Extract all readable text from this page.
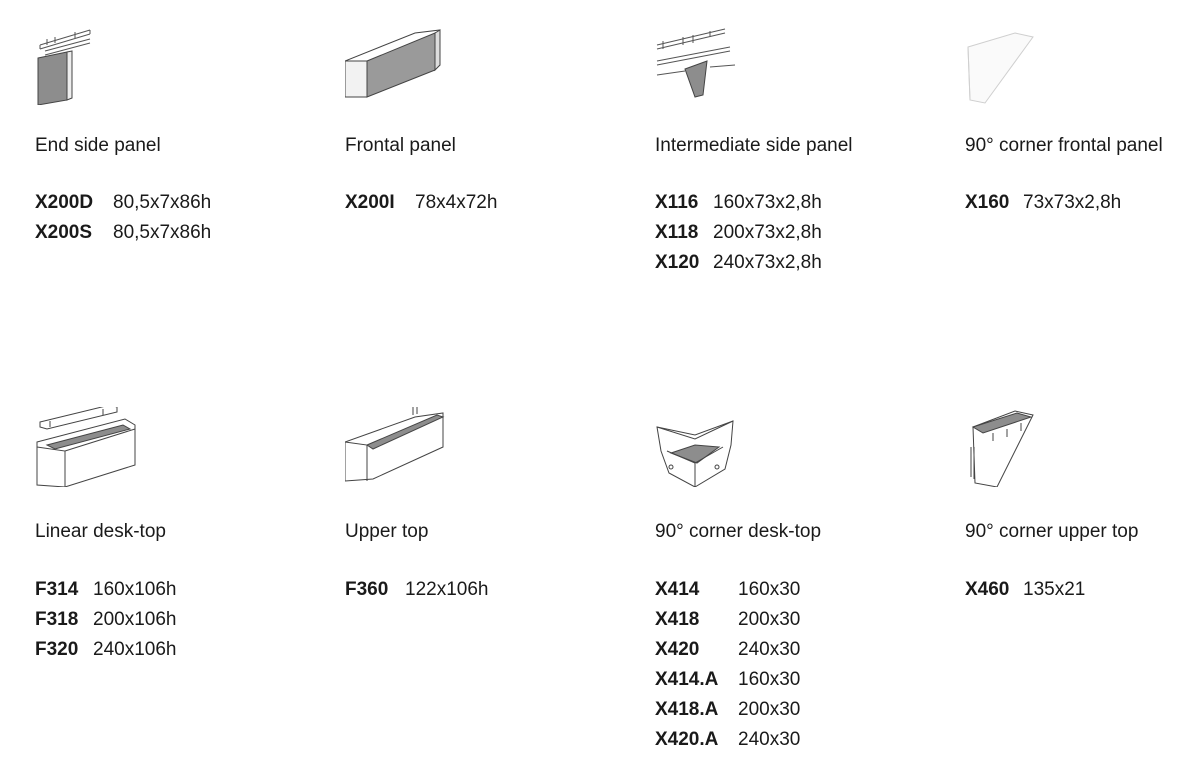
End side panel
X200D 80,5x7x86h
X200S 80,5x7x86h
Frontal panel
X200I 78x4x72h
Intermediate side panel
X116 160x73x2,8h
X118 200x73x2,8h
X120 240x73x2,8h
90° corner frontal panel
X160 73x73x2,8h
Linear desk-top
F314 160x106h
F318 200x106h
F320 240x106h
Upper top
F360 122x106h
90° corner desk-top
X414 160x30
X418 200x30
X420 240x30
X414.A 160x30
X418.A 200x30
X420.A 240x30
90° corner upper top
X460 135x21
